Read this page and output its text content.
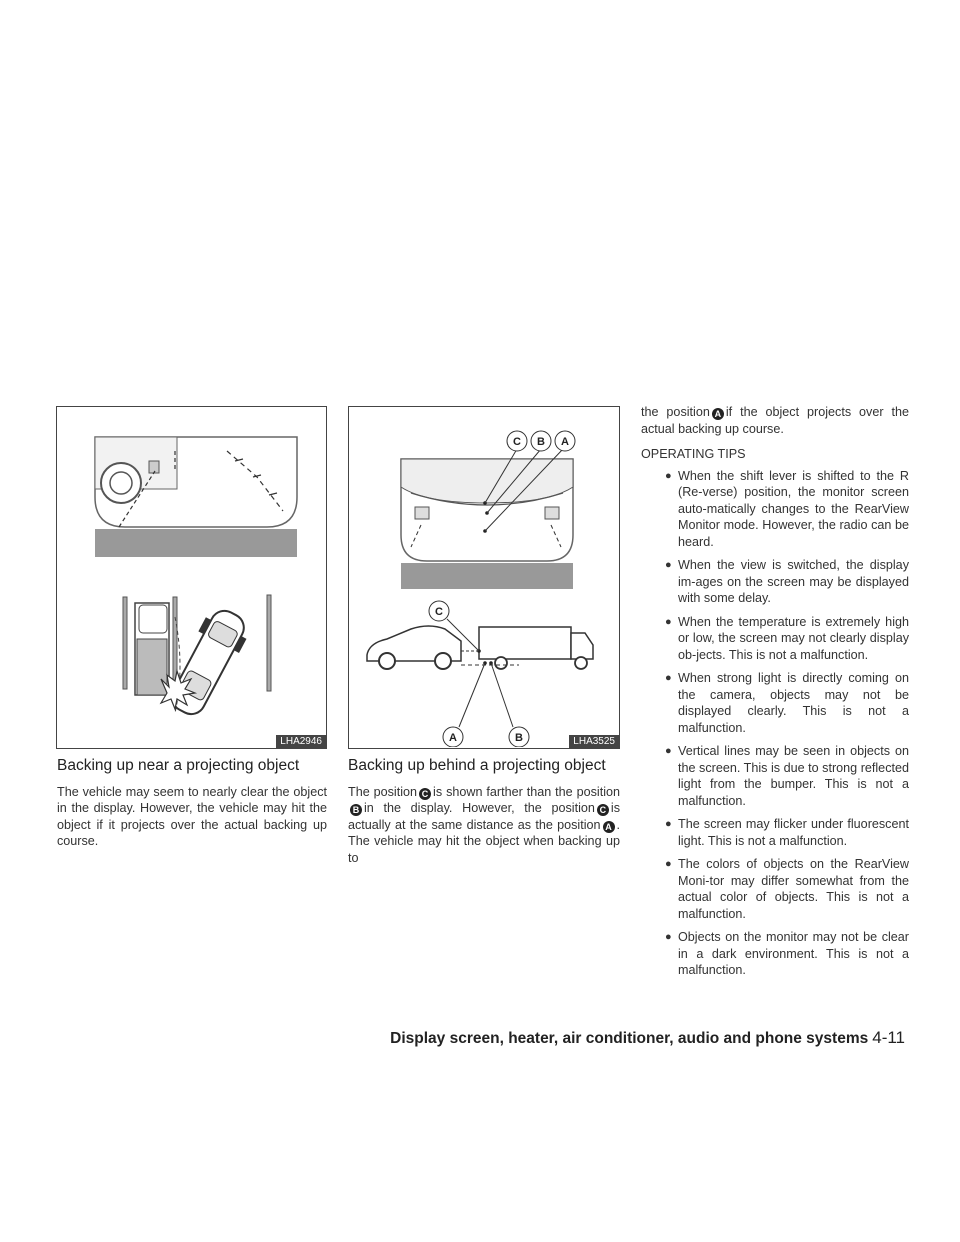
LHA2946
C B A
C
A	B	LHA3525
Backing up near a projecting object

The vehicle may seem to nearly clear the object in the display. However, the vehicle may hit the object if it projects over the actual backing up course.

Backing up behind a projecting object

The position C is shown farther than the position B in the display. However, the position C is actually at the same distance as the position A . The vehicle may hit the object when backing up to

the position A if the object projects over the actual backing up course.

OPERATING TIPS
● When the shift lever is shifted to the R (Re-verse) position, the monitor screen auto-matically changes to the RearView Monitor mode. However, the radio can be heard.
● When the view is switched, the display im-ages on the screen may be displayed with some delay.
● When the temperature is extremely high or low, the screen may not clearly display ob-jects. This is not a malfunction.
● When strong light is directly coming on the camera, objects may not be displayed clearly. This is not a malfunction.
● Vertical lines may be seen in objects on the screen. This is due to strong reflected light from the bumper. This is not a malfunction.
● The screen may flicker under fluorescent light. This is not a malfunction.
● The colors of objects on the RearView Moni-tor may differ somewhat from the actual color of objects. This is not a malfunction.
● Objects on the monitor may not be clear in a dark environment. This is not a malfunction.
Display screen, heater, air conditioner, audio and phone systems 4-11
